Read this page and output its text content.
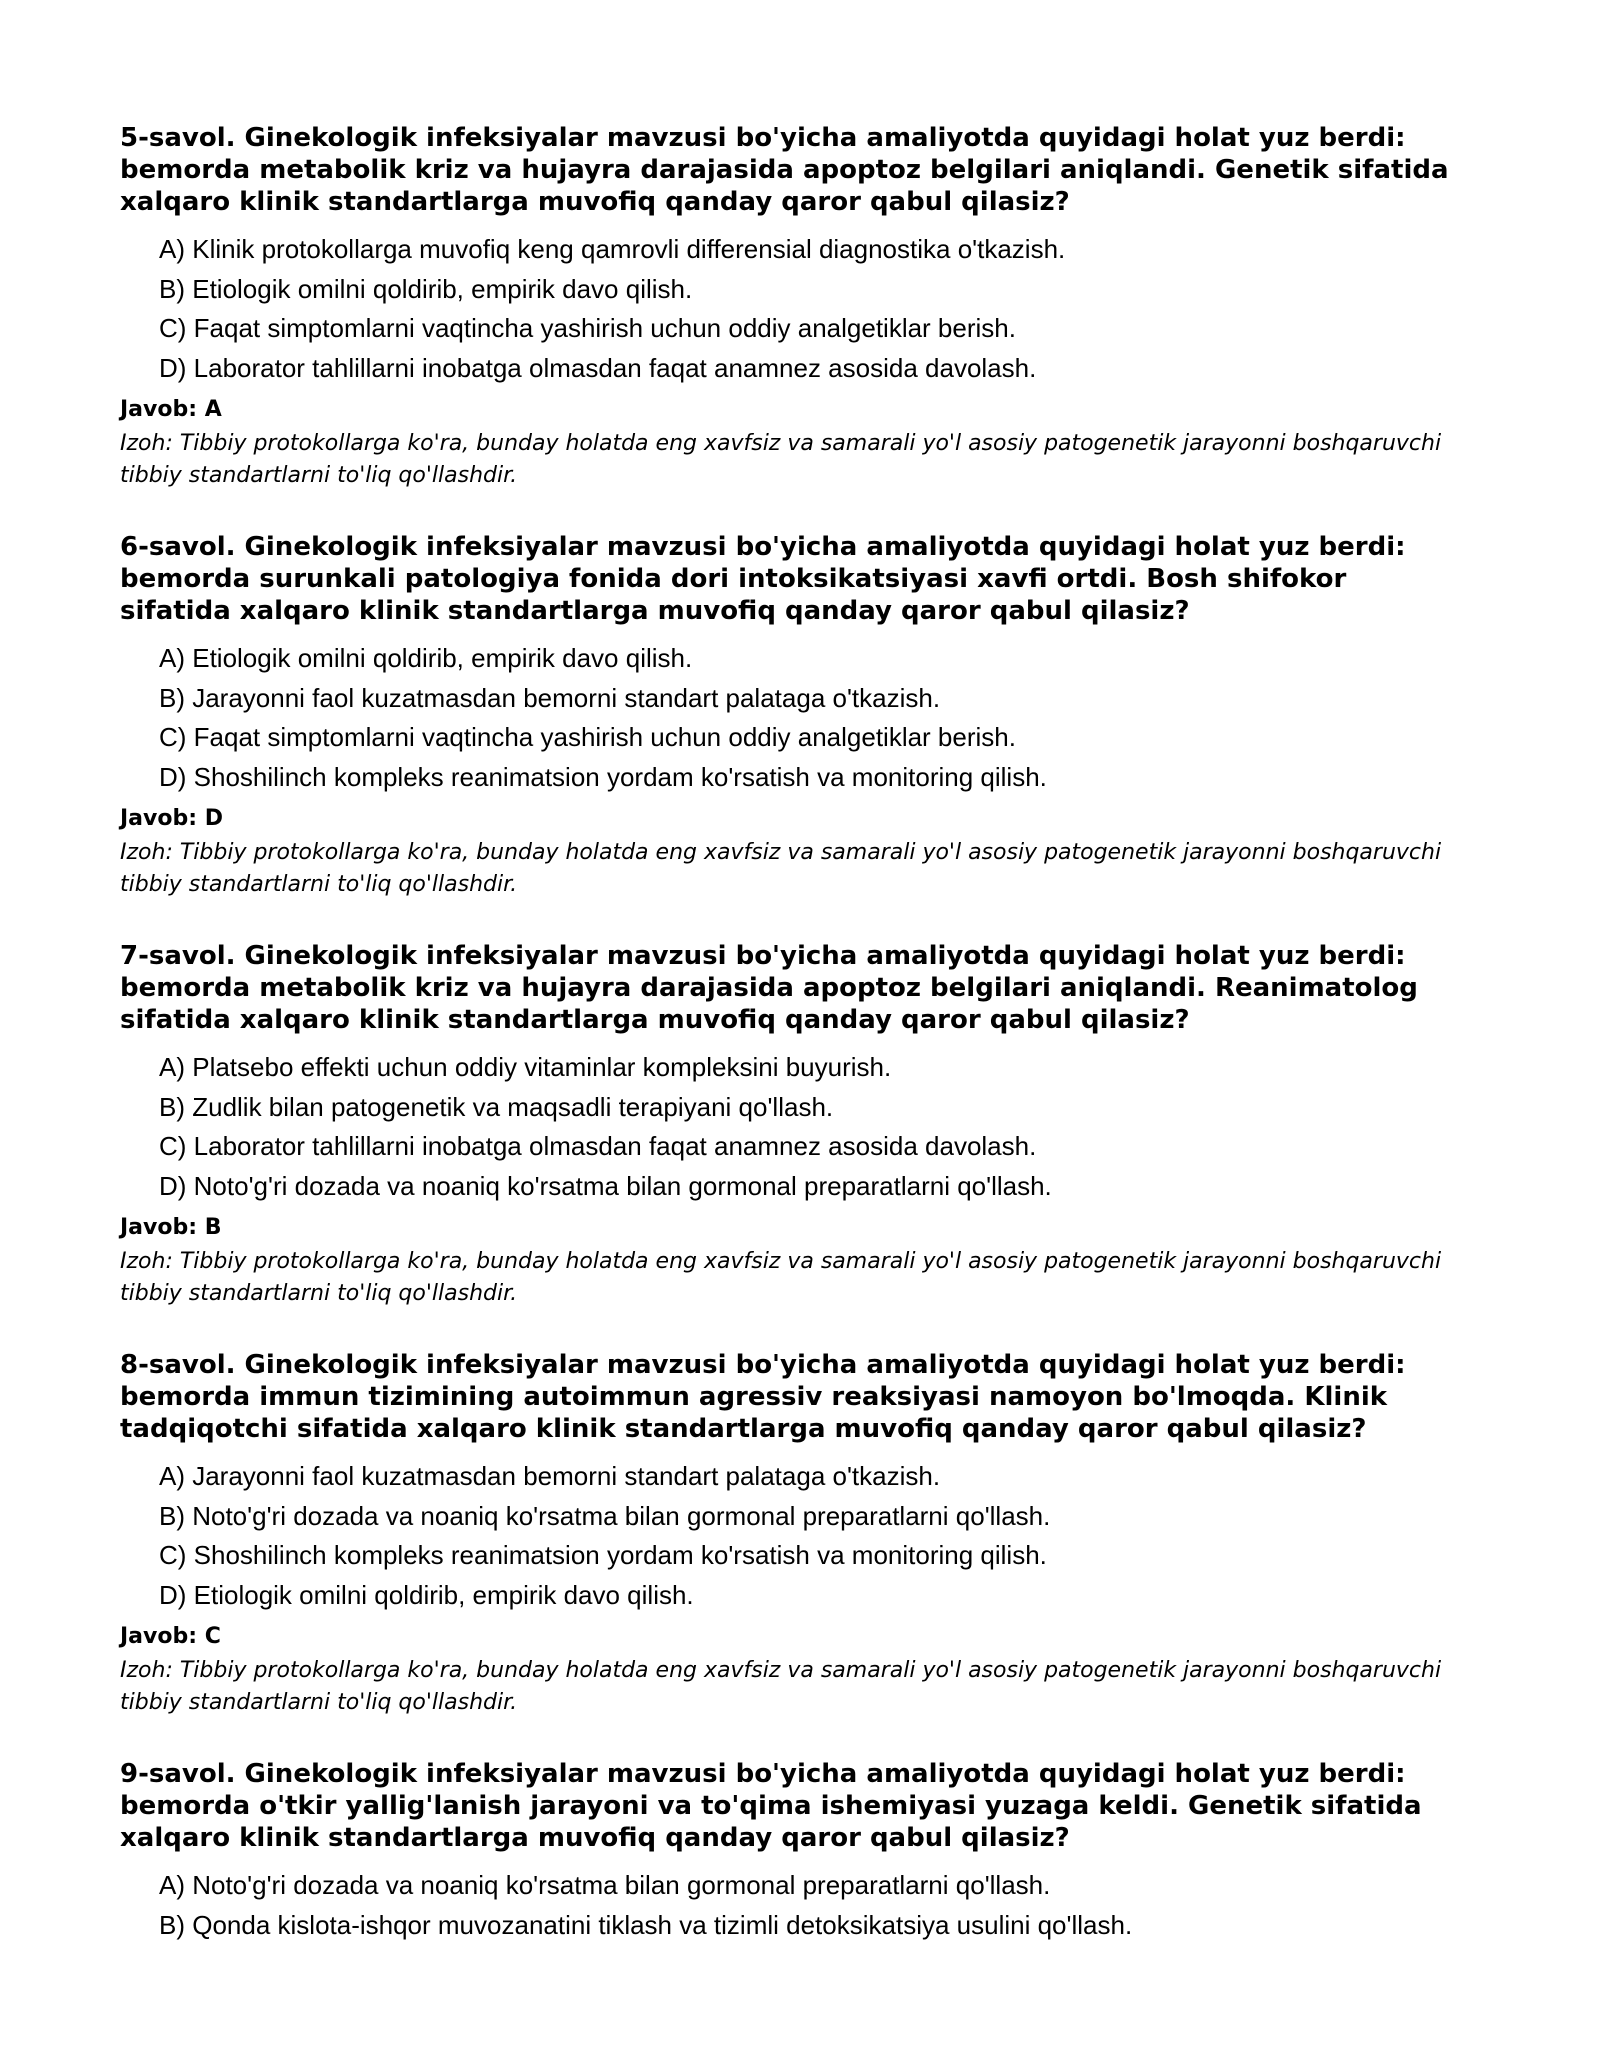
5-savol. Ginekologik infeksiyalar mavzusi bo'yicha amaliyotda quyidagi holat yuz berdi: bemorda metabolik kriz va hujayra darajasida apoptoz belgilari aniqlandi. Genetik sifatida xalqaro klinik standartlarga muvofiq qanday qaror qabul qilasiz?

A) Klinik protokollarga muvofiq keng qamrovli differensial diagnostika o'tkazish.
B) Etiologik omilni qoldirib, empirik davo qilish.
C) Faqat simptomlarni vaqtincha yashirish uchun oddiy analgetiklar berish.
D) Laborator tahlillarni inobatga olmasdan faqat anamnez asosida davolash.

Javob: A

Izoh: Tibbiy protokollarga ko'ra, bunday holatda eng xavfsiz va samarali yo'l asosiy patogenetik jarayonni boshqaruvchi tibbiy standartlarni to'liq qo'llashdir.

6-savol. Ginekologik infeksiyalar mavzusi bo'yicha amaliyotda quyidagi holat yuz berdi: bemorda surunkali patologiya fonida dori intoksikatsiyasi xavfi ortdi. Bosh shifokor sifatida xalqaro klinik standartlarga muvofiq qanday qaror qabul qilasiz?

A) Etiologik omilni qoldirib, empirik davo qilish.
B) Jarayonni faol kuzatmasdan bemorni standart palataga o'tkazish.
C) Faqat simptomlarni vaqtincha yashirish uchun oddiy analgetiklar berish.
D) Shoshilinch kompleks reanimatsion yordam ko'rsatish va monitoring qilish.

Javob: D

Izoh: Tibbiy protokollarga ko'ra, bunday holatda eng xavfsiz va samarali yo'l asosiy patogenetik jarayonni boshqaruvchi tibbiy standartlarni to'liq qo'llashdir.

7-savol. Ginekologik infeksiyalar mavzusi bo'yicha amaliyotda quyidagi holat yuz berdi: bemorda metabolik kriz va hujayra darajasida apoptoz belgilari aniqlandi. Reanimatolog sifatida xalqaro klinik standartlarga muvofiq qanday qaror qabul qilasiz?

A) Platsebo effekti uchun oddiy vitaminlar kompleksini buyurish.
B) Zudlik bilan patogenetik va maqsadli terapiyani qo'llash.
C) Laborator tahlillarni inobatga olmasdan faqat anamnez asosida davolash.
D) Noto'g'ri dozada va noaniq ko'rsatma bilan gormonal preparatlarni qo'llash.

Javob: B

Izoh: Tibbiy protokollarga ko'ra, bunday holatda eng xavfsiz va samarali yo'l asosiy patogenetik jarayonni boshqaruvchi tibbiy standartlarni to'liq qo'llashdir.

8-savol. Ginekologik infeksiyalar mavzusi bo'yicha amaliyotda quyidagi holat yuz berdi: bemorda immun tizimining autoimmun agressiv reaksiyasi namoyon bo'lmoqda. Klinik tadqiqotchi sifatida xalqaro klinik standartlarga muvofiq qanday qaror qabul qilasiz?

A) Jarayonni faol kuzatmasdan bemorni standart palataga o'tkazish.
B) Noto'g'ri dozada va noaniq ko'rsatma bilan gormonal preparatlarni qo'llash.
C) Shoshilinch kompleks reanimatsion yordam ko'rsatish va monitoring qilish.
D) Etiologik omilni qoldirib, empirik davo qilish.

Javob: C

Izoh: Tibbiy protokollarga ko'ra, bunday holatda eng xavfsiz va samarali yo'l asosiy patogenetik jarayonni boshqaruvchi tibbiy standartlarni to'liq qo'llashdir.

9-savol. Ginekologik infeksiyalar mavzusi bo'yicha amaliyotda quyidagi holat yuz berdi: bemorda o'tkir yallig'lanish jarayoni va to'qima ishemiyasi yuzaga keldi. Genetik sifatida xalqaro klinik standartlarga muvofiq qanday qaror qabul qilasiz?

A) Noto'g'ri dozada va noaniq ko'rsatma bilan gormonal preparatlarni qo'llash.
B) Qonda kislota-ishqor muvozanatini tiklash va tizimli detoksikatsiya usulini qo'llash.
